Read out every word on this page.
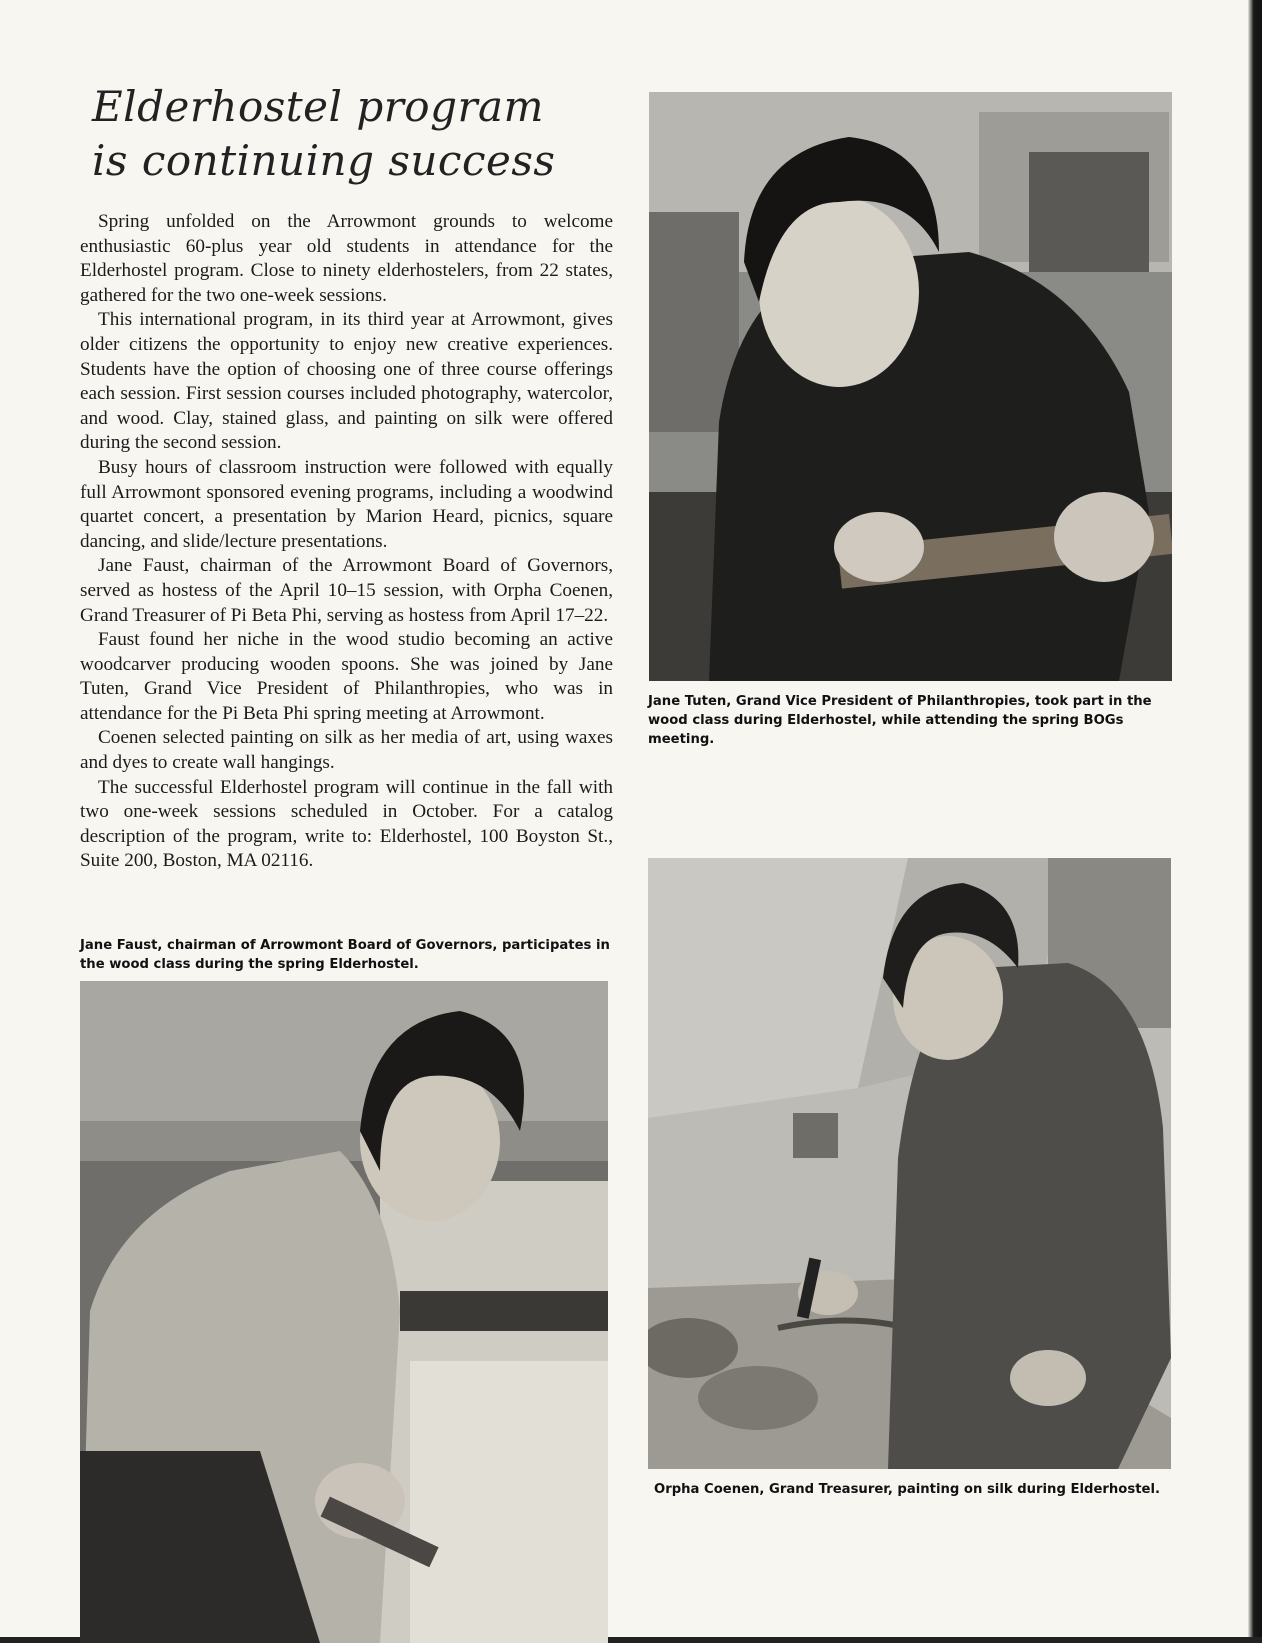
Elderhostel program
is continuing success

Spring unfolded on the Arrowmont grounds to welcome enthusiastic 60-plus year old students in attendance for the Elderhostel program. Close to ninety elderhostelers, from 22 states, gathered for the two one-week sessions.

This international program, in its third year at Arrowmont, gives older citizens the opportunity to enjoy new creative experiences. Students have the option of choosing one of three course offerings each session. First session courses included photography, watercolor, and wood. Clay, stained glass, and painting on silk were offered during the second session.

Busy hours of classroom instruction were followed with equally full Arrowmont sponsored evening programs, including a woodwind quartet concert, a presentation by Marion Heard, picnics, square dancing, and slide/lecture presentations.

Jane Faust, chairman of the Arrowmont Board of Governors, served as hostess of the April 10–15 session, with Orpha Coenen, Grand Treasurer of Pi Beta Phi, serving as hostess from April 17–22.

Faust found her niche in the wood studio becoming an active woodcarver producing wooden spoons. She was joined by Jane Tuten, Grand Vice President of Philanthropies, who was in attendance for the Pi Beta Phi spring meeting at Arrowmont.

Coenen selected painting on silk as her media of art, using waxes and dyes to create wall hangings.

The successful Elderhostel program will continue in the fall with two one-week sessions scheduled in October. For a catalog description of the program, write to: Elderhostel, 100 Boyston St., Suite 200, Boston, MA 02116.

Jane Faust, chairman of Arrowmont Board of Governors, participates in the wood class during the spring Elderhostel.
Jane Tuten, Grand Vice President of Philanthropies, took part in the wood class during Elderhostel, while attending the spring BOGs meeting.
Orpha Coenen, Grand Treasurer, painting on silk during Elderhostel.
